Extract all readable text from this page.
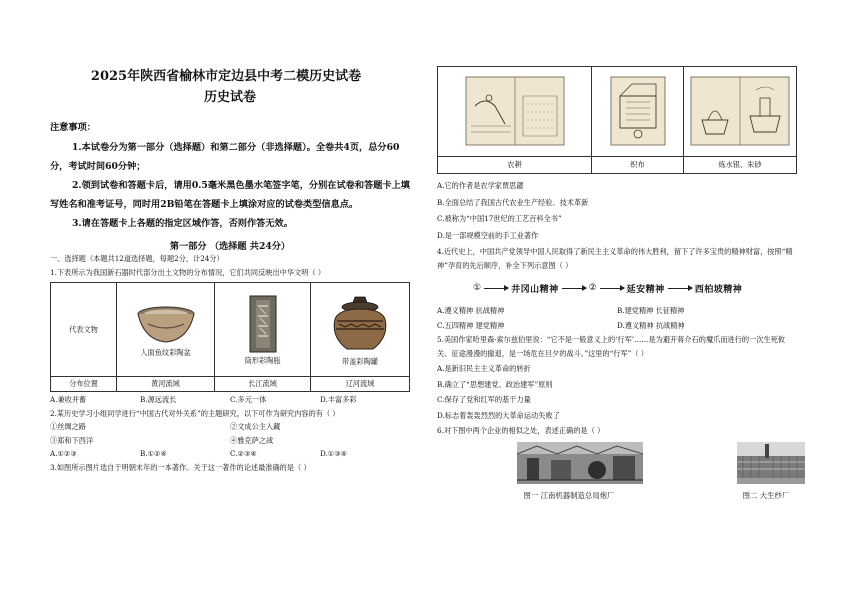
2025年陕西省榆林市定边县中考二模历史试卷
历史试卷
注意事项：
1.本试卷分为第一部分（选择题）和第二部分（非选择题）。全卷共4页，总分60分，考试时间60分钟；
2.领到试卷和答题卡后，请用0.5毫米黑色墨水笔签字笔，分别在试卷和答题卡上填写姓名和准考证号，同时用2B铅笔在答题卡上填涂对应的试卷类型信息点。
3.请在答题卡上各题的指定区域作答，否则作答无效。
第一部分 （选择题 共24分）
一、选择题（本题共12道选择题，每题2分，计24分）
1.下表所示为我国新石器时代部分出土文物的分布情况，它们共同反映出中华文明（ ）
代表文物	人面鱼纹彩陶盆	筒形彩陶瓶	带盖彩陶罐

分布位置	黄河流域	长江流域	辽河流域
A.兼收并蓄	B.源远流长	C.多元一体	D.丰富多彩
2.某历史学习小组同学进行“中国古代对外关系”的主题研究，以下可作为研究内容的有（ ）
①丝绸之路	②文成公主入藏
③郑和下西洋	④雅克萨之战
A.①②③	B.①②④	C.②③④	D.①③④
3.如图所示图片选自于明朝末年的一本著作。关于这一著作的论述最准确的是（ ）

农耕	织布	炼水银、朱砂
A.它的作者是农学家贾思勰
B.全面总结了我国古代农业生产经验、技术革新
C.被称为“中国17世纪的工艺百科全书”
D.是一部规模空前的手工业著作
4.近代史上，中国共产党领导中国人民取得了新民主主义革命的伟大胜利，留下了许多宝贵的精神财富，按照“精神”孕育的先后顺序，补全下列示意图（ ）
①	井冈山精神	②	延安精神	西柏坡精神
A.遵义精神 抗战精神	B.建党精神 长征精神
C.五四精神 建党精神	D.遵义精神 抗战精神
5.美国作家哈里森·索尔兹伯里说：“它不是一般意义上的‘行军’……是为避开蒋介石的魔爪而进行的一次生死攸关、征途漫漫的撤退，是一场危在旦夕的战斗。”这里的“行军”（ ）
A.是新旧民主主义革命的转折
B.确立了“思想建党、政治建军”原则
C.保存了党和红军的基干力量
D.标志着轰轰烈烈的大革命运动失败了
6.对下图中两个企业的相似之处，表述正确的是（ ）
图一 江南机器制造总局炮厂	图二 大生纱厂
